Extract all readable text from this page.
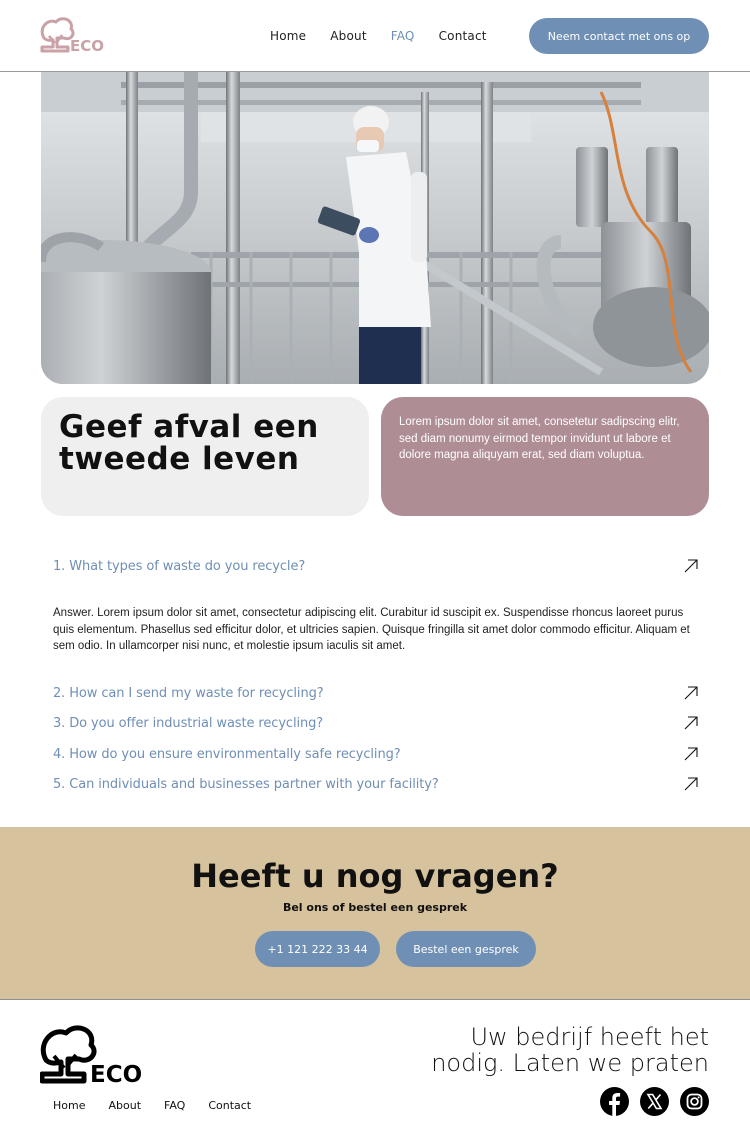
ECO
Home About FAQ Contact	Neem contact met ons op
Geef afval een
tweede leven

Lorem ipsum dolor sit amet, consetetur sadipscing elitr, sed diam nonumy eirmod tempor invidunt ut labore et dolore magna aliquyam erat, sed diam voluptua.

1. What types of waste do you recycle?

Answer. Lorem ipsum dolor sit amet, consectetur adipiscing elit. Curabitur id suscipit ex. Suspendisse rhoncus laoreet purus quis elementum. Phasellus sed efficitur dolor, et ultricies sapien. Quisque fringilla sit amet dolor commodo efficitur. Aliquam et sem odio. In ullamcorper nisi nunc, et molestie ipsum iaculis sit amet.

2. How can I send my waste for recycling?
3. Do you offer industrial waste recycling?
4. How do you ensure environmentally safe recycling?
5. Can individuals and businesses partner with your facility?
Heeft u nog vragen?
Bel ons of bestel een gesprek
+1 121 222 33 44	Bestel een gesprek
ECO
Home About FAQ Contact
Uw bedrijf heeft het
nodig. Laten we praten
